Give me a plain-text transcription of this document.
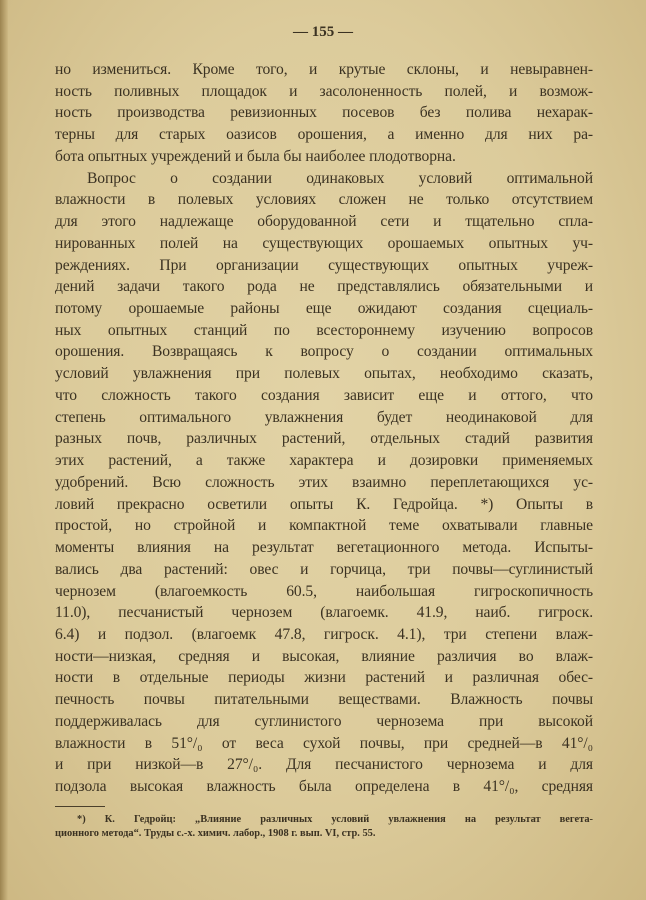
— 155 —
но измениться. Кроме того, и крутые склоны, и невыравнен-
ность поливных площадок и засолоненность полей, и возмож-
ность производства ревизионных посевов без полива нехарак-
терны для старых оазисов орошения, а именно для них ра-
бота опытных учреждений и была бы наиболее плодотворна.
Вопрос о создании одинаковых условий оптимальной
влажности в полевых условиях сложен не только отсутствием
для этого надлежаще оборудованной сети и тщательно спла-
нированных полей на существующих орошаемых опытных уч-
реждениях. При организации существующих опытных учреж-
дений задачи такого рода не представлялись обязательными и
потому орошаемые районы еще ожидают создания сцециаль-
ных опытных станций по всестороннему изучению вопросов
орошения. Возвращаясь к вопросу о создании оптимальных
условий увлажнения при полевых опытах, необходимо сказать,
что сложность такого создания зависит еще и оттого, что
степень оптимального увлажнения будет неодинаковой для
разных почв, различных растений, отдельных стадий развития
этих растений, а также характера и дозировки применяемых
удобрений. Всю сложность этих взаимно переплетающихся ус-
ловий прекрасно осветили опыты К. Гедройца. *) Опыты в
простой, но стройной и компактной теме охватывали главные
моменты влияния на результат вегетационного метода. Испыты-
вались два растений: овес и горчица, три почвы—суглинистый
чернозем (влагоемкость 60.5, наибольшая гигроскопичность
11.0), песчанистый чернозем (влагоемк. 41.9, наиб. гигроск.
6.4) и подзол. (влагоемк 47.8, гигроск. 4.1), три степени влаж-
ности—низкая, средняя и высокая, влияние различия во влаж-
ности в отдельные периоды жизни растений и различная обес-
печность почвы питательными веществами. Влажность почвы
поддерживалась для суглинистого чернозема при высокой
влажности в 51°/₀ от веса сухой почвы, при средней—в 41°/₀
и при низкой—в 27°/₀. Для песчанистого чернозема и для
подзола высокая влажность была определена в 41°/₀, средняя
*) К. Гедройц: „Влияние различных условий увлажнения на результат вегета-
ционного метода“. Труды с.-х. химич. лабор., 1908 г. вып. VI, стр. 55.
